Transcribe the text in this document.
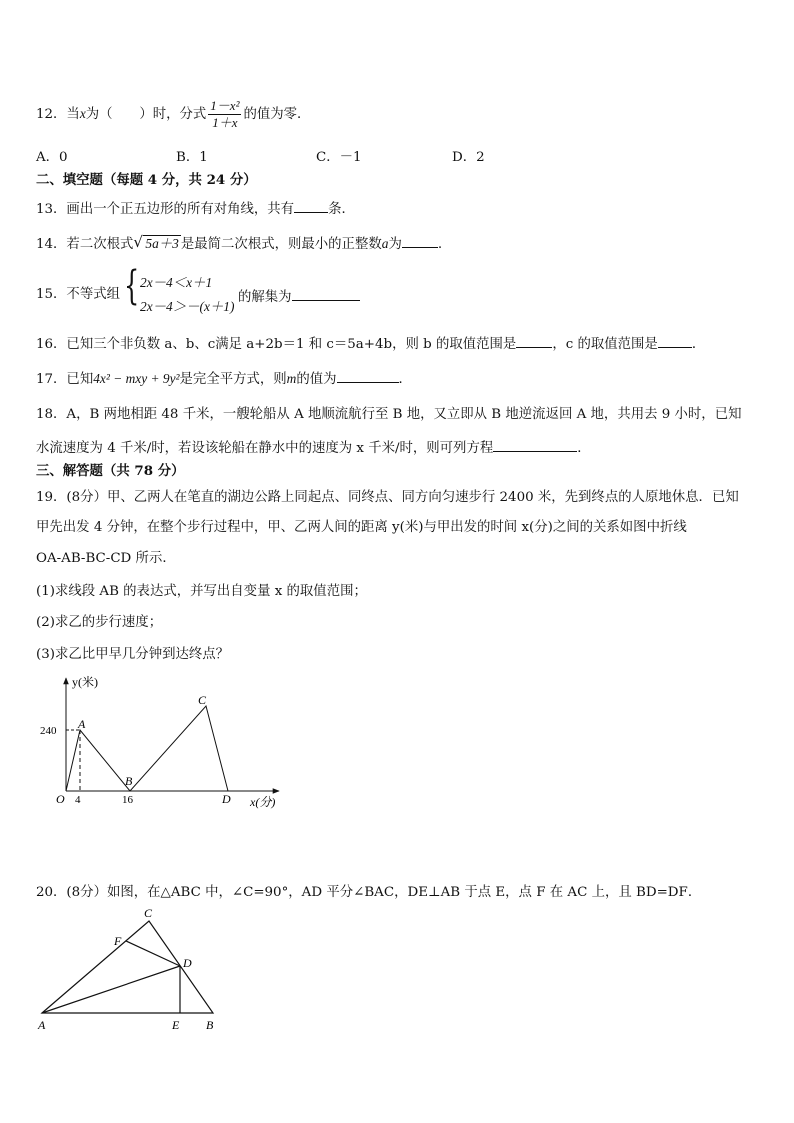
12．当x为（　　）时，分式 $\frac{\text{1－x²}}{1+x}$ 的值为零．
A．0	B．1	C．－1	D．2
二、填空题（每题 4 分，共 24 分）
13．画出一个正五边形的所有对角线，共有	条．
14．若二次根式√ 5a＋3 是最简二次根式，则最小的正整数a为	.
15．不等式组 { 2x－4＜x＋1
2x－4＞－(x＋1)
的解集为
16．已知三个非负数 a、b、c满足 a+2b＝1 和 c＝5a+4b，则 b 的取值范围是	，c 的取值范围是	．
17．已知4x² − mxy + 9y²是完全平方式，则m的值为	．
18．A，B 两地相距 48 千米，一艘轮船从 A 地顺流航行至 B 地，又立即从 B 地逆流返回 A 地，共用去 9 小时，已知
水流速度为 4 千米/时，若设该轮船在静水中的速度为 x 千米/时，则可列方程	．
三、解答题（共 78 分）
19．(8分）甲、乙两人在笔直的湖边公路上同起点、同终点、同方向匀速步行 2400 米，先到终点的人原地休息．已知
甲先出发 4 分钟，在整个步行过程中，甲、乙两人间的距离 y(米)与甲出发的时间 x(分)之间的关系如图中折线
OA-AB-BC-CD 所示．
(1)求线段 AB 的表达式，并写出自变量 x 的取值范围；
(2)求乙的步行速度；
(3)求乙比甲早几分钟到达终点？
y(米)
x(分)
240
4	16
O
A
B
C
D
20．(8分）如图，在△ABC 中，∠C=90°，AD 平分∠BAC，DE⊥AB 于点 E，点 F 在 AC 上，且 BD=DF．
A	B
C
D
E
F
